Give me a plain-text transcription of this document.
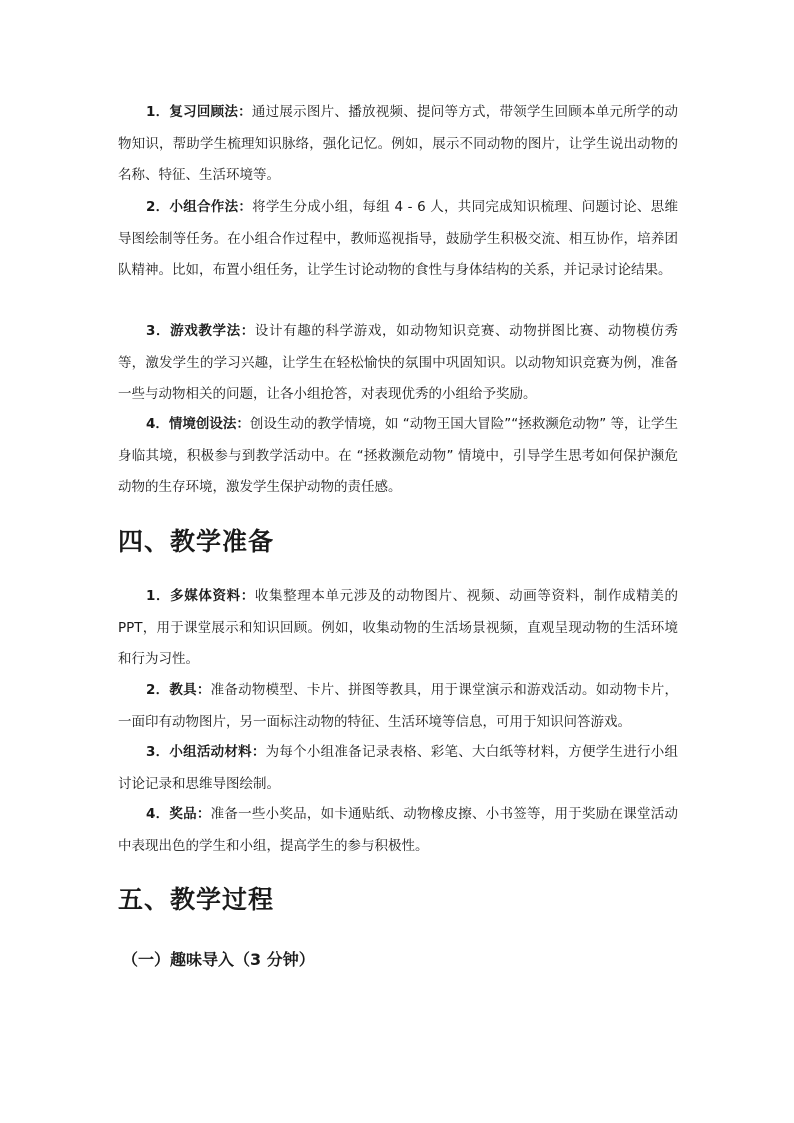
1．复习回顾法：通过展示图片、播放视频、提问等方式，带领学生回顾本单元所学的动物知识，帮助学生梳理知识脉络，强化记忆。例如，展示不同动物的图片，让学生说出动物的名称、特征、生活环境等。

2．小组合作法：将学生分成小组，每组 4 - 6 人，共同完成知识梳理、问题讨论、思维导图绘制等任务。在小组合作过程中，教师巡视指导，鼓励学生积极交流、相互协作，培养团队精神。比如，布置小组任务，让学生讨论动物的食性与身体结构的关系，并记录讨论结果。

3．游戏教学法：设计有趣的科学游戏，如动物知识竞赛、动物拼图比赛、动物模仿秀等，激发学生的学习兴趣，让学生在轻松愉快的氛围中巩固知识。以动物知识竞赛为例，准备一些与动物相关的问题，让各小组抢答，对表现优秀的小组给予奖励。

4．情境创设法：创设生动的教学情境，如 “动物王国大冒险”“拯救濒危动物” 等，让学生身临其境，积极参与到教学活动中。在 “拯救濒危动物” 情境中，引导学生思考如何保护濒危动物的生存环境，激发学生保护动物的责任感。

四、教学准备

1．多媒体资料：收集整理本单元涉及的动物图片、视频、动画等资料，制作成精美的 PPT，用于课堂展示和知识回顾。例如，收集动物的生活场景视频，直观呈现动物的生活环境和行为习性。

2．教具：准备动物模型、卡片、拼图等教具，用于课堂演示和游戏活动。如动物卡片，一面印有动物图片，另一面标注动物的特征、生活环境等信息，可用于知识问答游戏。

3．小组活动材料：为每个小组准备记录表格、彩笔、大白纸等材料，方便学生进行小组讨论记录和思维导图绘制。

4．奖品：准备一些小奖品，如卡通贴纸、动物橡皮擦、小书签等，用于奖励在课堂活动中表现出色的学生和小组，提高学生的参与积极性。

五、教学过程
（一）趣味导入（3 分钟）
